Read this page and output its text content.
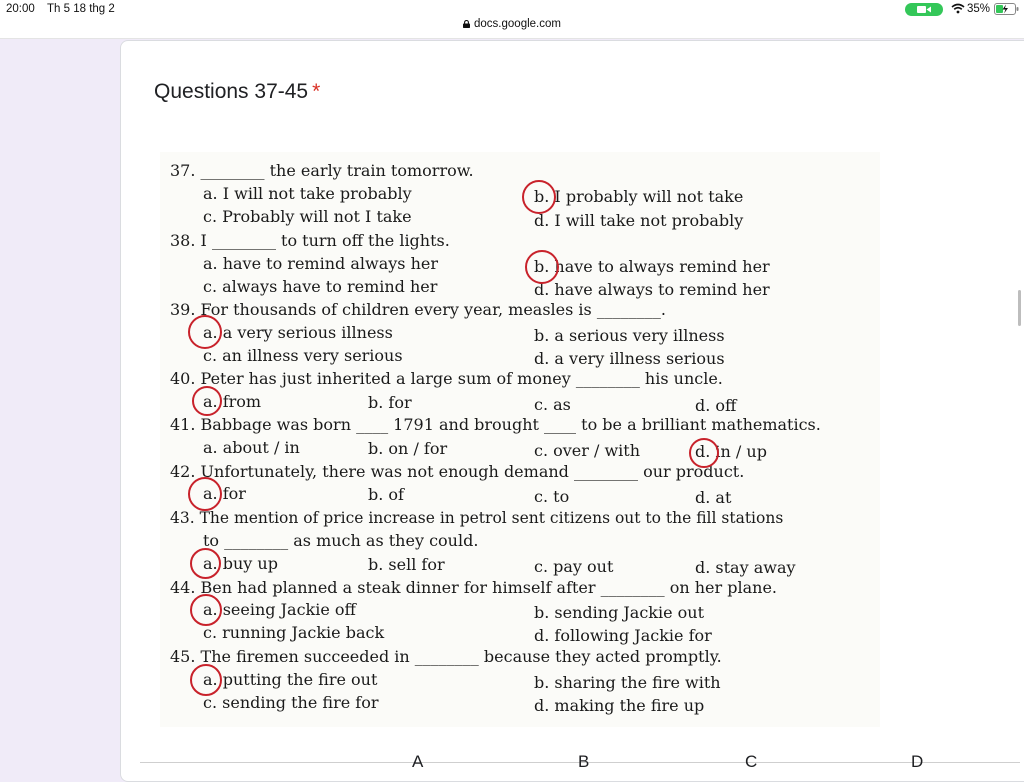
20:00 Th 5 18 thg 2
docs.google.com
35%
Questions 37-45 *
37. ________ the early train tomorrow.
a. I will not take probably	b. I probably will not take
c. Probably will not I take	d. I will take not probably
38. I ________ to turn off the lights.
a. have to remind always her	b. have to always remind her
c. always have to remind her	d. have always to remind her
39. For thousands of children every year, measles is ________.
a. a very serious illness	b. a serious very illness
c. an illness very serious	d. a very illness serious
40. Peter has just inherited a large sum of money ________ his uncle.
a. from	b. for	c. as	d. off
41. Babbage was born ____ 1791 and brought ____ to be a brilliant mathematics.
a. about / in	b. on / for	c. over / with	d. in / up
42. Unfortunately, there was not enough demand ________ our product.
a. for	b. of	c. to	d. at
43. The mention of price increase in petrol sent citizens out to the fill stations
to ________ as much as they could.
a. buy up	b. sell for	c. pay out	d. stay away
44. Ben had planned a steak dinner for himself after ________ on her plane.
a. seeing Jackie off	b. sending Jackie out
c. running Jackie back	d. following Jackie for
45. The firemen succeeded in ________ because they acted promptly.
a. putting the fire out	b. sharing the fire with
c. sending the fire for	d. making the fire up
A	B	C	D
